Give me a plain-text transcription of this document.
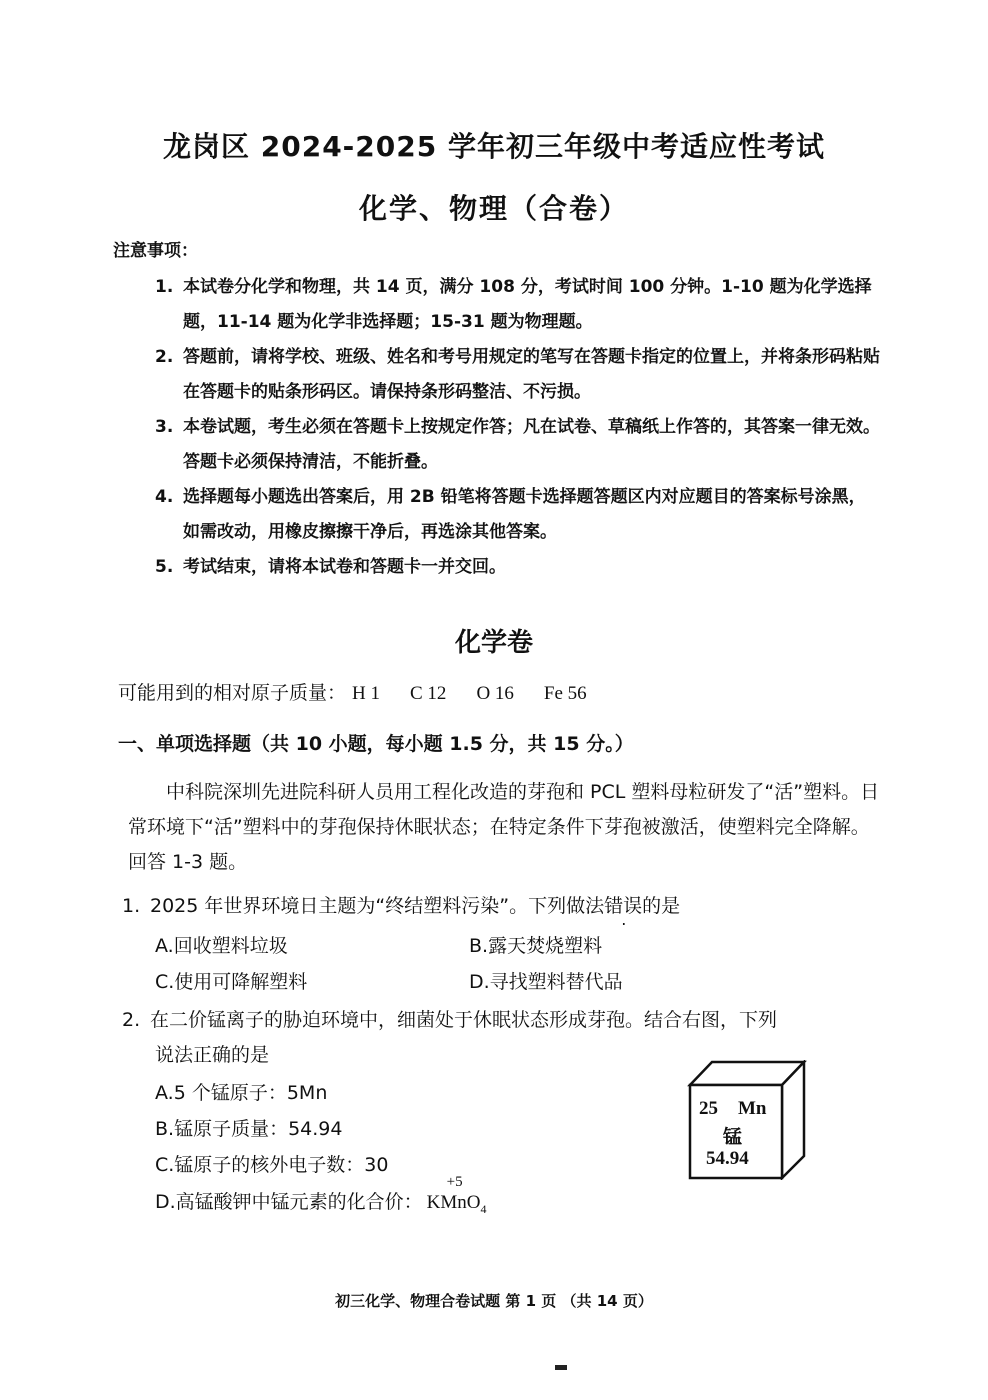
龙岗区 2024-2025 学年初三年级中考适应性考试
化学、物理（合卷）
注意事项：
1. 本试卷分化学和物理，共 14 页，满分 108 分，考试时间 100 分钟。1-10 题为化学选择题，11-14 题为化学非选择题；15-31 题为物理题。
2. 答题前，请将学校、班级、姓名和考号用规定的笔写在答题卡指定的位置上，并将条形码粘贴在答题卡的贴条形码区。请保持条形码整洁、不污损。
3. 本卷试题，考生必须在答题卡上按规定作答；凡在试卷、草稿纸上作答的，其答案一律无效。答题卡必须保持清洁，不能折叠。
4. 选择题每小题选出答案后，用 2B 铅笔将答题卡选择题答题区内对应题目的答案标号涂黑，如需改动，用橡皮擦擦干净后，再选涂其他答案。
5. 考试结束，请将本试卷和答题卡一并交回。
化学卷
可能用到的相对原子质量： H 1 C 12 O 16 Fe 56
一、单项选择题（共 10 小题，每小题 1.5 分，共 15 分。）
中科院深圳先进院科研人员用工程化改造的芽孢和 PCL 塑料母粒研发了“活”塑料。日常环境下“活”塑料中的芽孢保持休眠状态；在特定条件下芽孢被激活，使塑料完全降解。回答 1-3 题。
1. 2025 年世界环境日主题为“终结塑料污染”。下列做法错误的是
A.回收塑料垃圾	B.露天焚烧塑料
C.使用可降解塑料	D.寻找塑料替代品
2. 在二价锰离子的胁迫环境中，细菌处于休眠状态形成芽孢。结合右图，下列
说法正确的是
A.5 个锰原子：5Mn
B.锰原子质量：54.94
C.锰原子的核外电子数：30
D.高锰酸钾中锰元素的化合价：
+5
KMnO$_4$
25 Mn
锰
54.94
初三化学、物理合卷试题 第 1 页 （共 14 页）
